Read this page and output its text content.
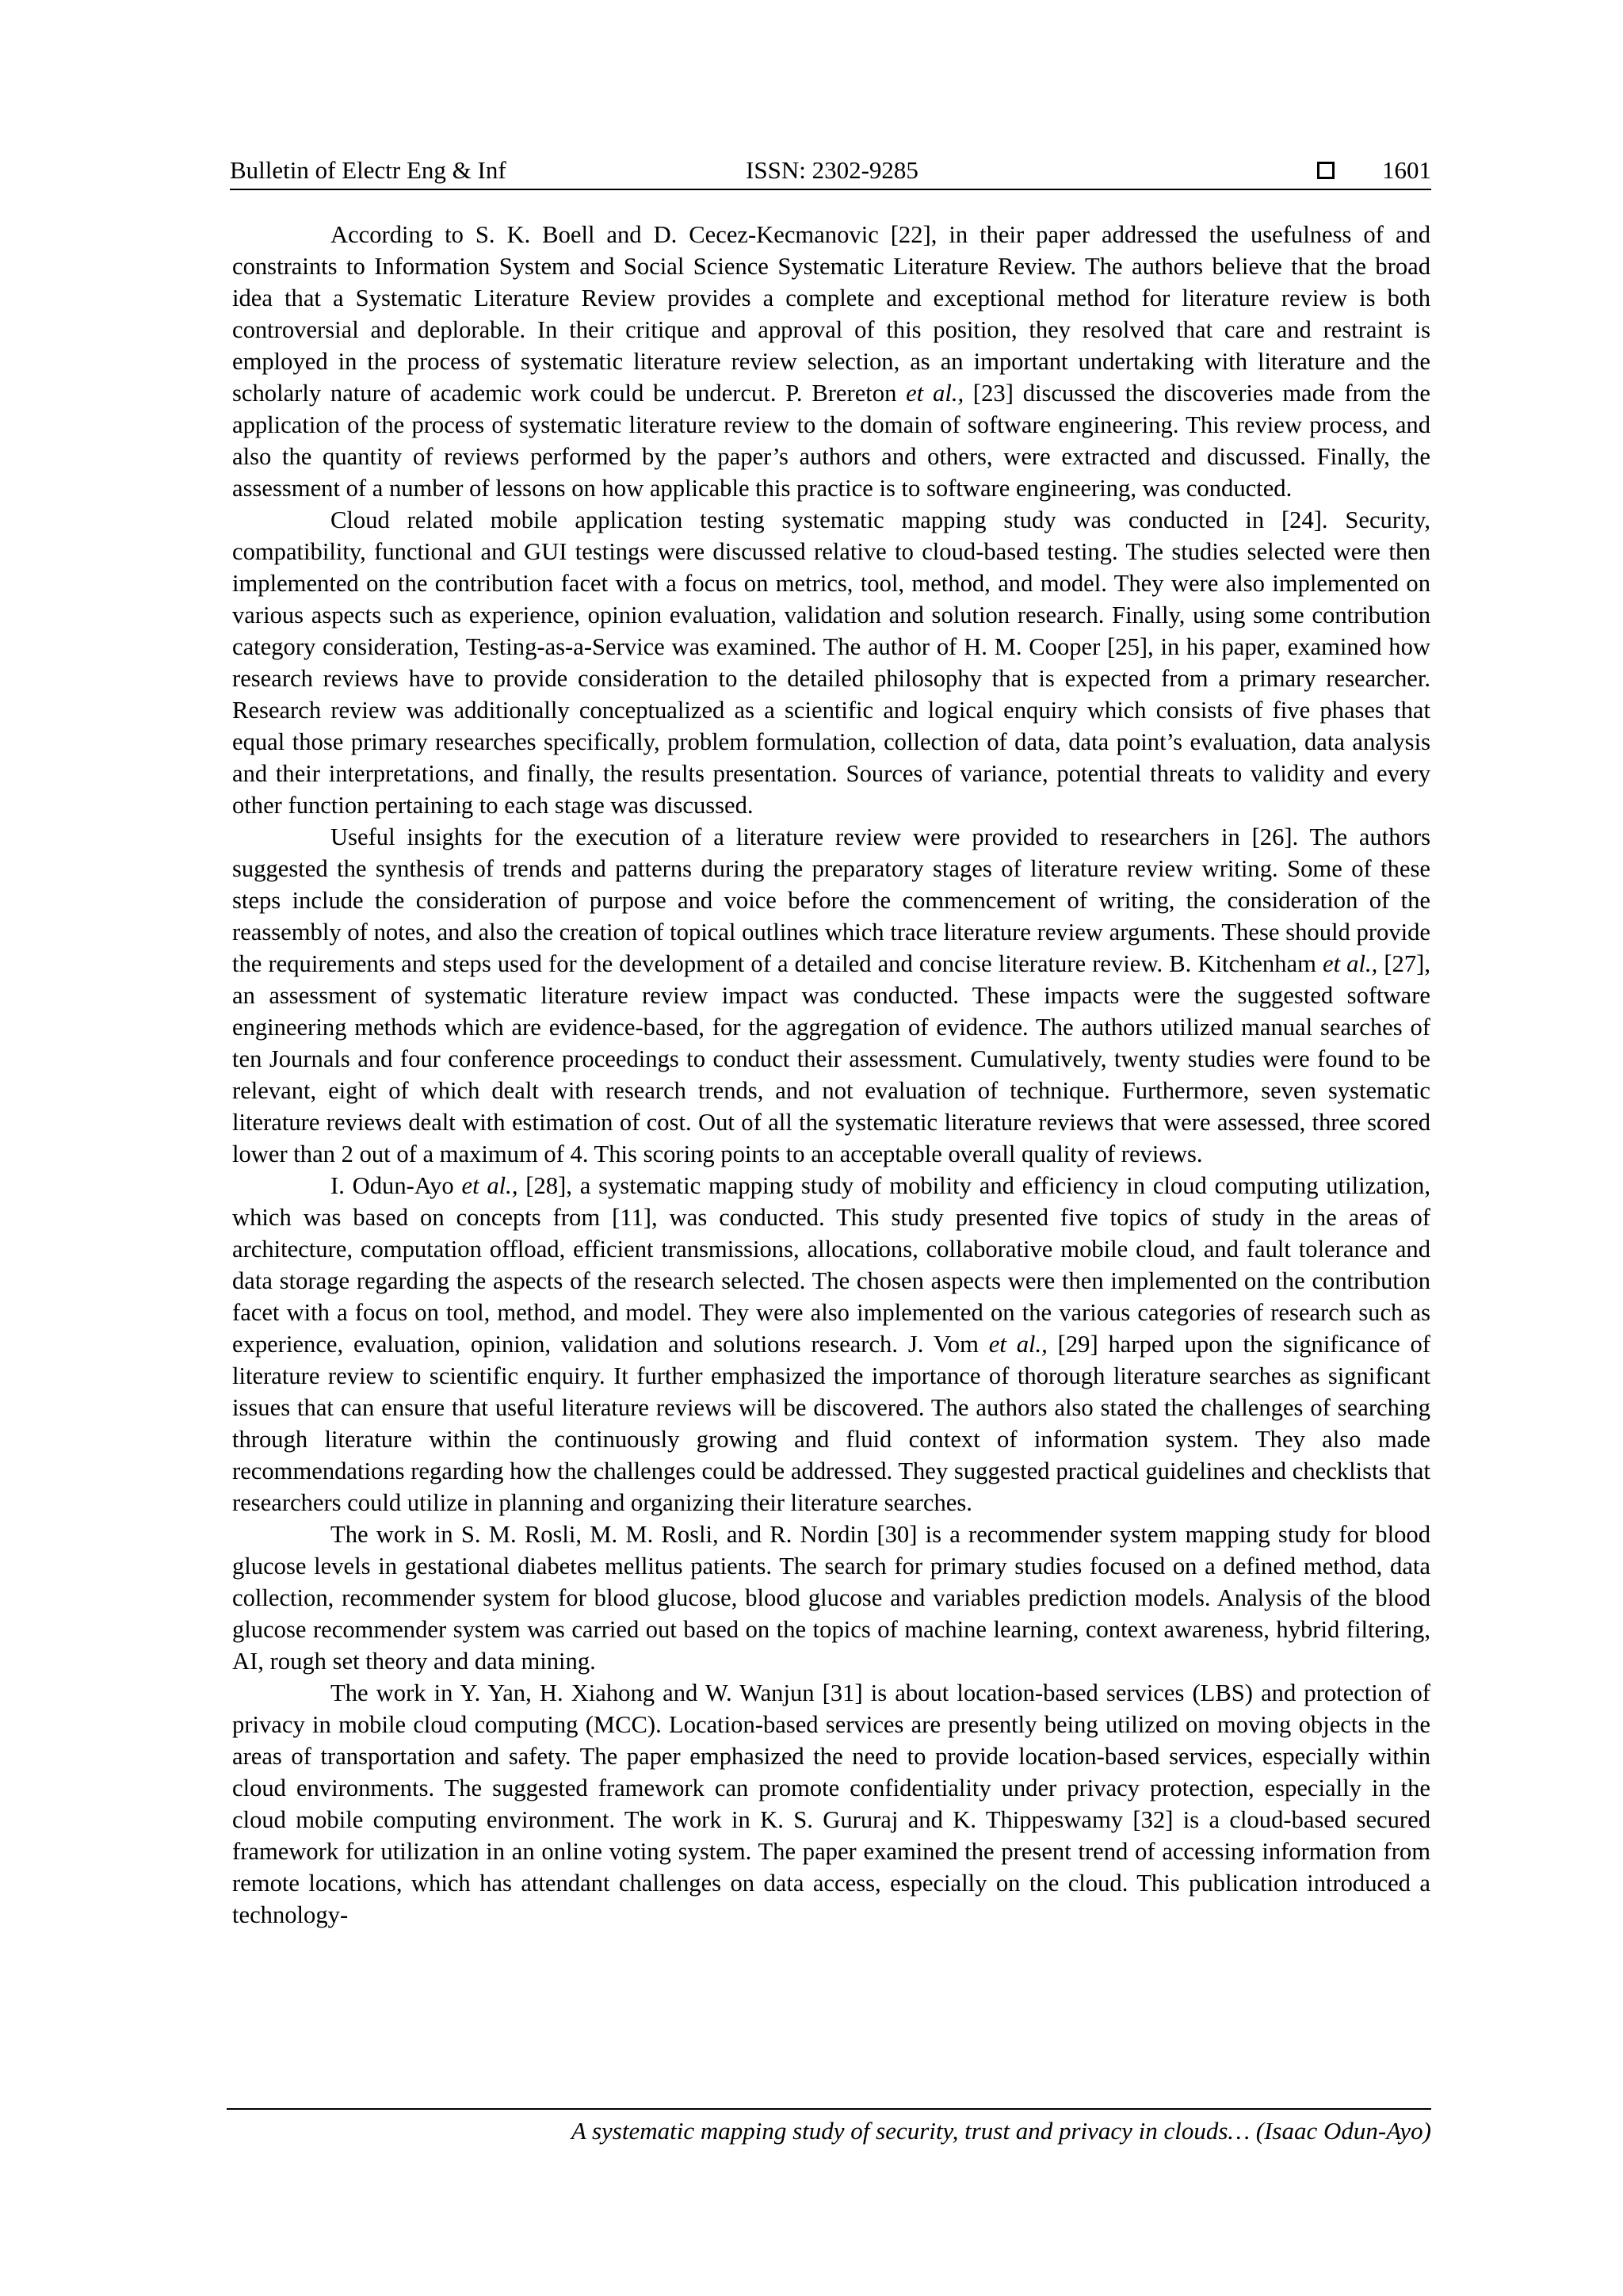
Bulletin of Electr Eng & Inf	ISSN: 2302-9285	1601

According to S. K. Boell and D. Cecez-Kecmanovic [22], in their paper addressed the usefulness of and constraints to Information System and Social Science Systematic Literature Review. The authors believe that the broad idea that a Systematic Literature Review provides a complete and exceptional method for literature review is both controversial and deplorable. In their critique and approval of this position, they resolved that care and restraint is employed in the process of systematic literature review selection, as an important undertaking with literature and the scholarly nature of academic work could be undercut. P. Brereton et al., [23] discussed the discoveries made from the application of the process of systematic literature review to the domain of software engineering. This review process, and also the quantity of reviews performed by the paper’s authors and others, were extracted and discussed. Finally, the assessment of a number of lessons on how applicable this practice is to software engineering, was conducted.

Cloud related mobile application testing systematic mapping study was conducted in [24]. Security, compatibility, functional and GUI testings were discussed relative to cloud-based testing. The studies selected were then implemented on the contribution facet with a focus on metrics, tool, method, and model. They were also implemented on various aspects such as experience, opinion evaluation, validation and solution research. Finally, using some contribution category consideration, Testing-as-a-Service was examined. The author of H. M. Cooper [25], in his paper, examined how research reviews have to provide consideration to the detailed philosophy that is expected from a primary researcher. Research review was additionally conceptualized as a scientific and logical enquiry which consists of five phases that equal those primary researches specifically, problem formulation, collection of data, data point’s evaluation, data analysis and their interpretations, and finally, the results presentation. Sources of variance, potential threats to validity and every other function pertaining to each stage was discussed.

Useful insights for the execution of a literature review were provided to researchers in [26]. The authors suggested the synthesis of trends and patterns during the preparatory stages of literature review writing. Some of these steps include the consideration of purpose and voice before the commencement of writing, the consideration of the reassembly of notes, and also the creation of topical outlines which trace literature review arguments. These should provide the requirements and steps used for the development of a detailed and concise literature review. B. Kitchenham et al., [27], an assessment of systematic literature review impact was conducted. These impacts were the suggested software engineering methods which are evidence-based, for the aggregation of evidence. The authors utilized manual searches of ten Journals and four conference proceedings to conduct their assessment. Cumulatively, twenty studies were found to be relevant, eight of which dealt with research trends, and not evaluation of technique. Furthermore, seven systematic literature reviews dealt with estimation of cost. Out of all the systematic literature reviews that were assessed, three scored lower than 2 out of a maximum of 4. This scoring points to an acceptable overall quality of reviews.

I. Odun-Ayo et al., [28], a systematic mapping study of mobility and efficiency in cloud computing utilization, which was based on concepts from [11], was conducted. This study presented five topics of study in the areas of architecture, computation offload, efficient transmissions, allocations, collaborative mobile cloud, and fault tolerance and data storage regarding the aspects of the research selected. The chosen aspects were then implemented on the contribution facet with a focus on tool, method, and model. They were also implemented on the various categories of research such as experience, evaluation, opinion, validation and solutions research. J. Vom et al., [29] harped upon the significance of literature review to scientific enquiry. It further emphasized the importance of thorough literature searches as significant issues that can ensure that useful literature reviews will be discovered. The authors also stated the challenges of searching through literature within the continuously growing and fluid context of information system. They also made recommendations regarding how the challenges could be addressed. They suggested practical guidelines and checklists that researchers could utilize in planning and organizing their literature searches.

The work in S. M. Rosli, M. M. Rosli, and R. Nordin [30] is a recommender system mapping study for blood glucose levels in gestational diabetes mellitus patients. The search for primary studies focused on a defined method, data collection, recommender system for blood glucose, blood glucose and variables prediction models. Analysis of the blood glucose recommender system was carried out based on the topics of machine learning, context awareness, hybrid filtering, AI, rough set theory and data mining.

The work in Y. Yan, H. Xiahong and W. Wanjun [31] is about location-based services (LBS) and protection of privacy in mobile cloud computing (MCC). Location-based services are presently being utilized on moving objects in the areas of transportation and safety. The paper emphasized the need to provide location-based services, especially within cloud environments. The suggested framework can promote confidentiality under privacy protection, especially in the cloud mobile computing environment. The work in K. S. Gururaj and K. Thippeswamy [32] is a cloud-based secured framework for utilization in an online voting system. The paper examined the present trend of accessing information from remote locations, which has attendant challenges on data access, especially on the cloud. This publication introduced a technology-

A systematic mapping study of security, trust and privacy in clouds… (Isaac Odun-Ayo)
